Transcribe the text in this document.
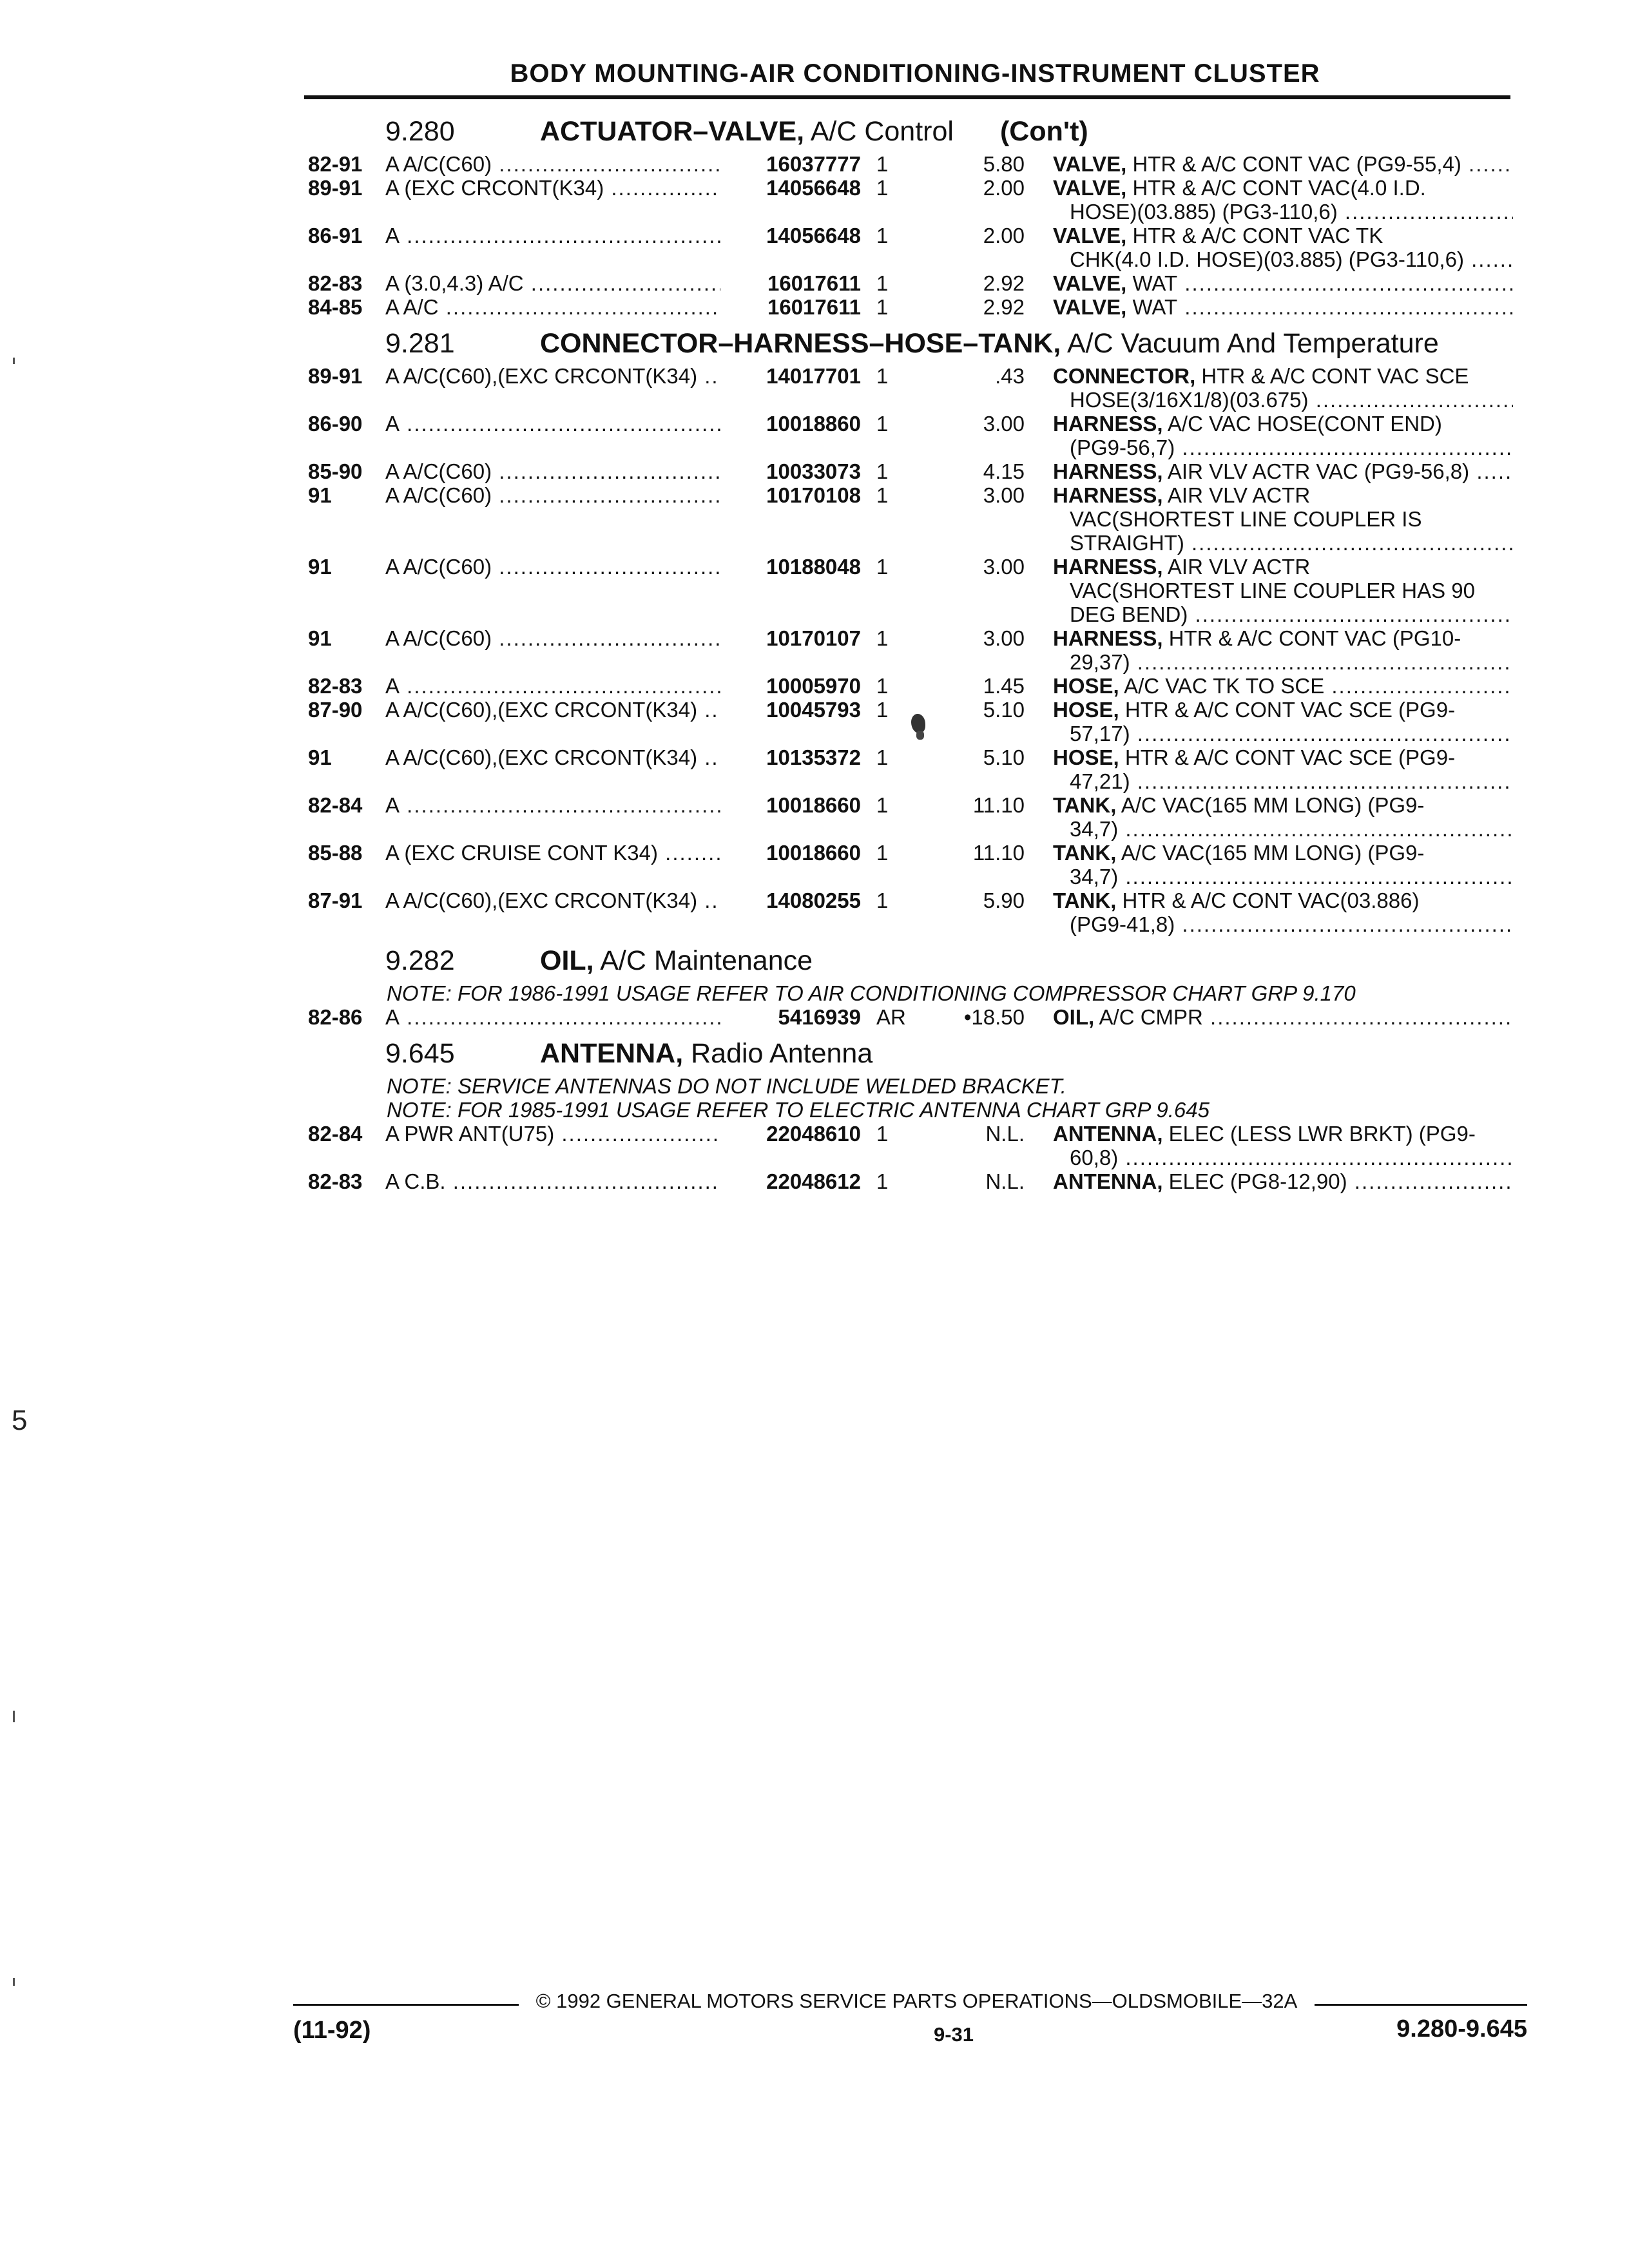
BODY MOUNTING-AIR CONDITIONING-INSTRUMENT CLUSTER
9.280	ACTUATOR–VALVE, A/C Control (Con't)
82-91	A A/C(C60) .....	16037777 1	5.80 VALVE, HTR & A/C CONT VAC (PG9-55,4) .....
89-91	A (EXC CRCONT(K34) .....	14056648 1	2.00 VALVE, HTR & A/C CONT VAC(4.0 I.D.
HOSE)(03.885) (PG3-110,6) .....
86-91	A .....	14056648 1	2.00 VALVE, HTR & A/C CONT VAC TK
CHK(4.0 I.D. HOSE)(03.885) (PG3-110,6) .....
82-83	A (3.0,4.3) A/C .....	16017611 1	2.92 VALVE, WAT .....
84-85	A A/C .....	16017611 1	2.92 VALVE, WAT .....
9.281	CONNECTOR–HARNESS–HOSE–TANK, A/C Vacuum And Temperature
89-91	A A/C(C60),(EXC CRCONT(K34) .....	14017701 1	.43 CONNECTOR, HTR & A/C CONT VAC SCE
HOSE(3/16X1/8)(03.675) .....
86-90	A .....	10018860 1	3.00 HARNESS, A/C VAC HOSE(CONT END)
(PG9-56,7) .....
85-90	A A/C(C60) .....	10033073 1	4.15 HARNESS, AIR VLV ACTR VAC (PG9-56,8) .....
91	A A/C(C60) .....	10170108 1	3.00 HARNESS, AIR VLV ACTR
VAC(SHORTEST LINE COUPLER IS
STRAIGHT) .....
91	A A/C(C60) .....	10188048 1	3.00 HARNESS, AIR VLV ACTR
VAC(SHORTEST LINE COUPLER HAS 90
DEG BEND) .....
91	A A/C(C60) .....	10170107 1	3.00 HARNESS, HTR & A/C CONT VAC (PG10-
29,37) .....
82-83	A .....	10005970 1	1.45 HOSE, A/C VAC TK TO SCE .....
87-90	A A/C(C60),(EXC CRCONT(K34) .....	10045793 1	5.10 HOSE, HTR & A/C CONT VAC SCE (PG9-
57,17) .....
91	A A/C(C60),(EXC CRCONT(K34) .....	10135372 1	5.10 HOSE, HTR & A/C CONT VAC SCE (PG9-
47,21) .....
82-84	A .....	10018660 1	11.10 TANK, A/C VAC(165 MM LONG) (PG9-
34,7) .....
85-88	A (EXC CRUISE CONT K34) .....	10018660 1	11.10 TANK, A/C VAC(165 MM LONG) (PG9-
34,7) .....
87-91	A A/C(C60),(EXC CRCONT(K34) .....	14080255 1	5.90 TANK, HTR & A/C CONT VAC(03.886)
(PG9-41,8) .....
9.282	OIL, A/C Maintenance
NOTE: FOR 1986-1991 USAGE REFER TO AIR CONDITIONING COMPRESSOR CHART GRP 9.170
82-86	A .....	5416939 AR	•18.50 OIL, A/C CMPR .....
9.645	ANTENNA, Radio Antenna
NOTE: SERVICE ANTENNAS DO NOT INCLUDE WELDED BRACKET.
NOTE: FOR 1985-1991 USAGE REFER TO ELECTRIC ANTENNA CHART GRP 9.645
82-84	A PWR ANT(U75) .....	22048610 1	N.L. ANTENNA, ELEC (LESS LWR BRKT) (PG9-
60,8) .....
82-83	A C.B. .....	22048612 1	N.L. ANTENNA, ELEC (PG8-12,90) .....
5
© 1992 GENERAL MOTORS SERVICE PARTS OPERATIONS—OLDSMOBILE—32A
(11-92)	9-31	9.280-9.645
